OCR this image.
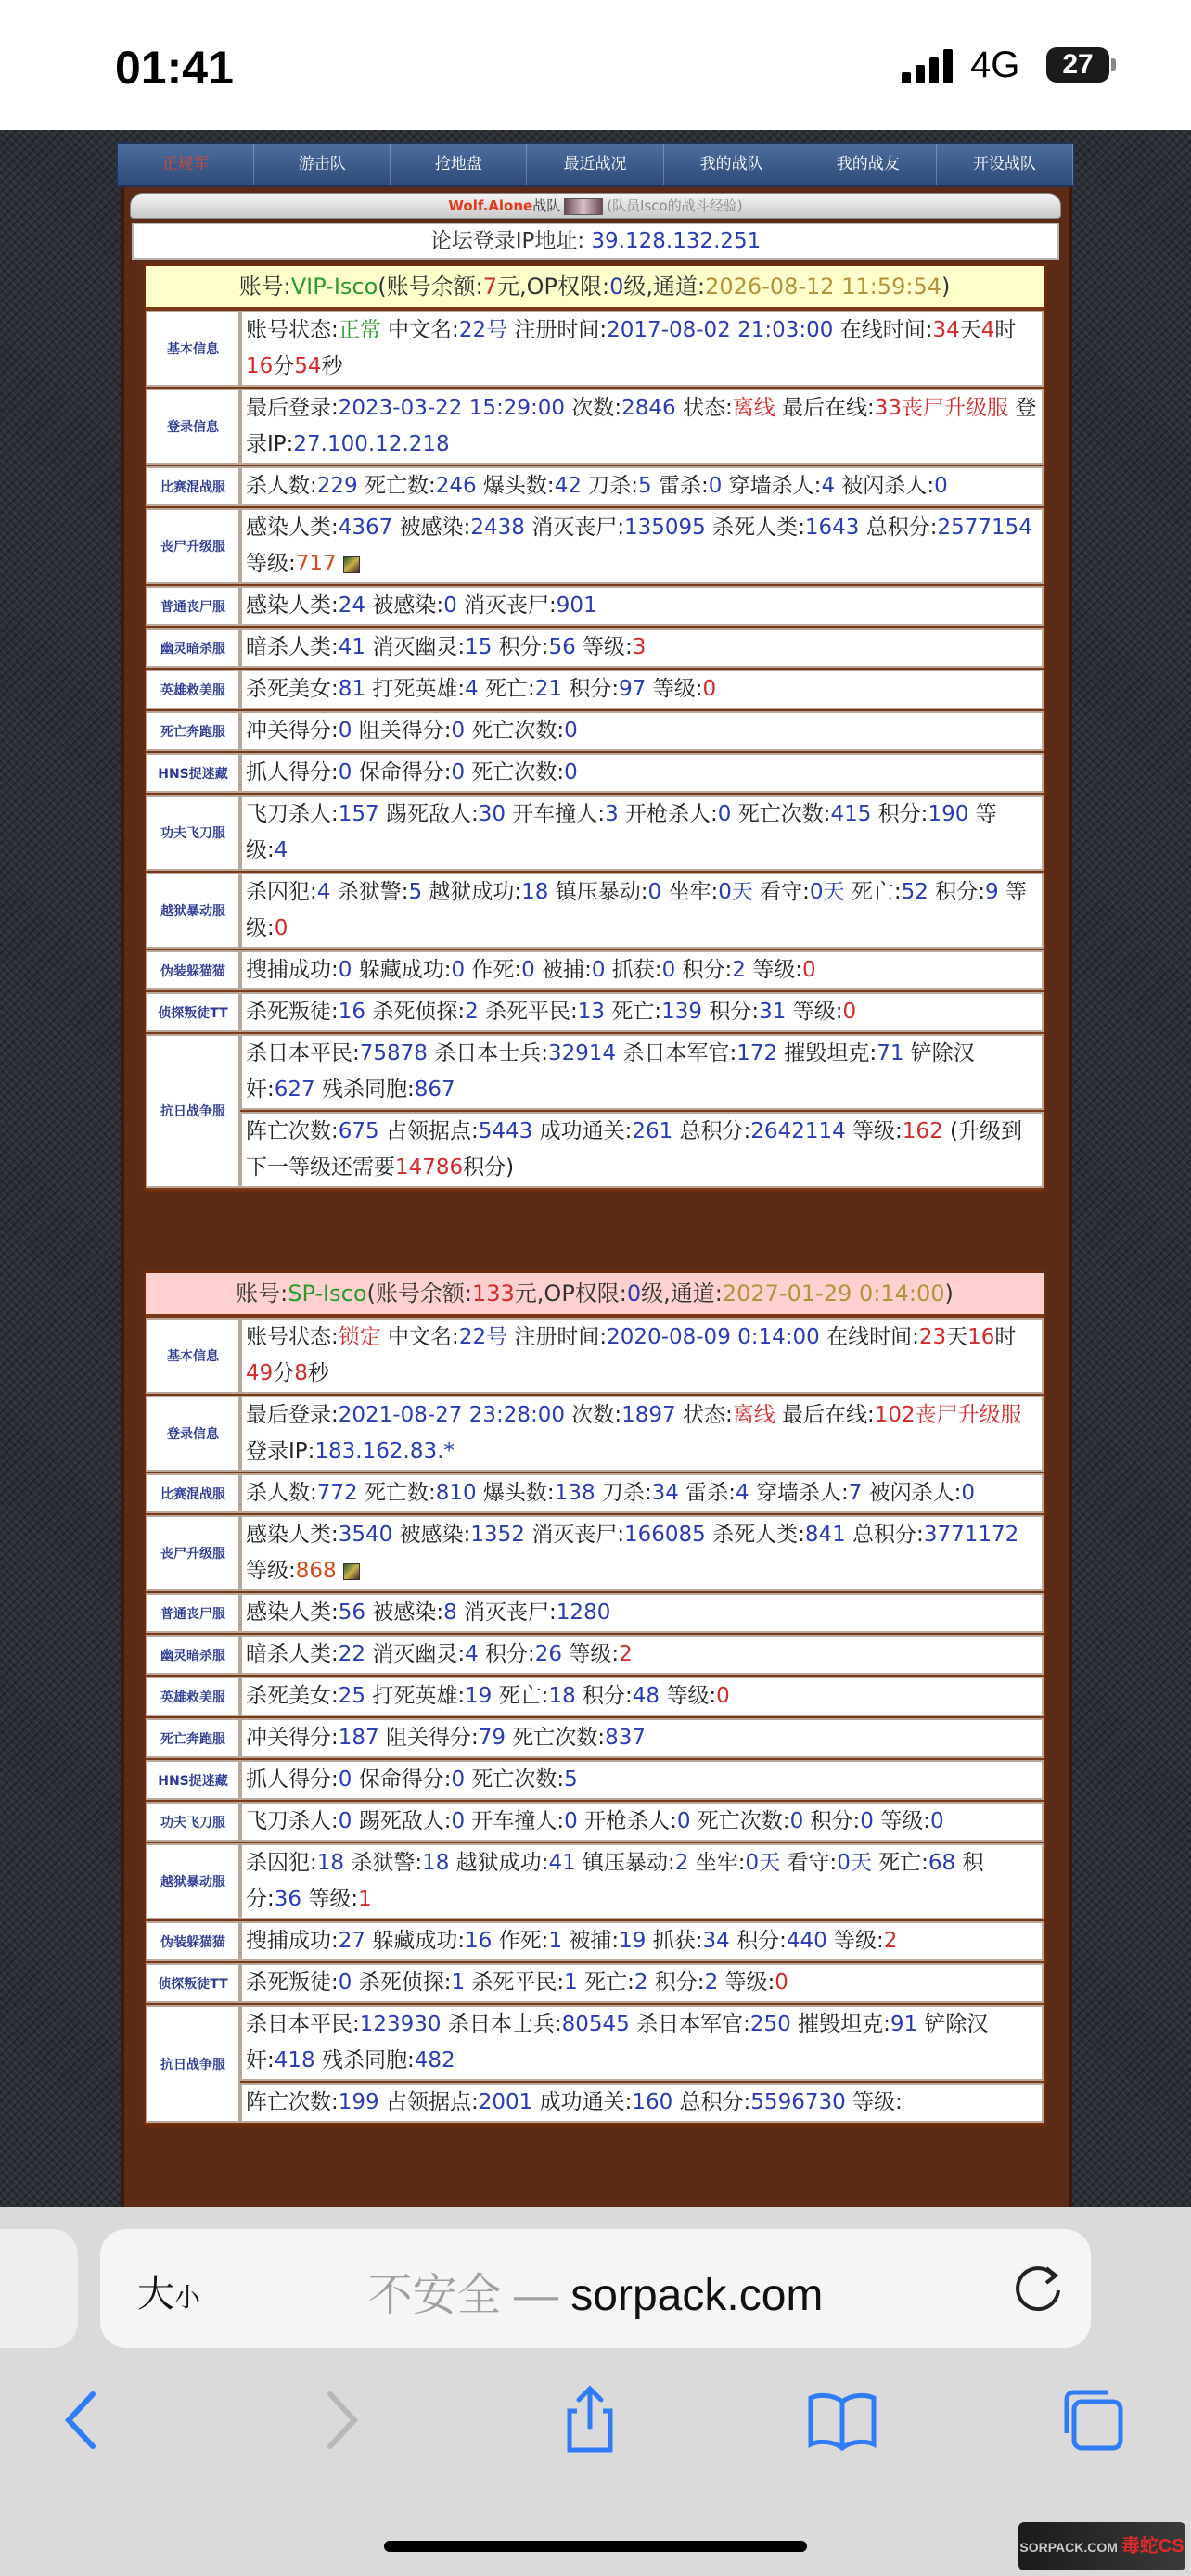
01:41	4G	27
正规军	游击队	抢地盘	最近战况	我的战队	我的战友	开设战队
Wolf.Alone战队	(队员Isco的战斗经验)
论坛登录IP地址: 39.128.132.251
账号:VIP-Isco(账号余额:7元,OP权限:0级,通道:2026-08-12 11:59:54)
基本信息	账号状态:正常 中文名:22号 注册时间:2017-08-02 21:03:00 在线时间:34天4时16分54秒
登录信息	最后登录:2023-03-22 15:29:00 次数:2846 状态:离线 最后在线:33丧尸升级服 登录IP:27.100.12.218
比赛混战服	杀人数:229 死亡数:246 爆头数:42 刀杀:5 雷杀:0 穿墙杀人:4 被闪杀人:0
丧尸升级服	感染人类:4367 被感染:2438 消灭丧尸:135095 杀死人类:1643 总积分:2577154 等级:717
普通丧尸服	感染人类:24 被感染:0 消灭丧尸:901
幽灵暗杀服	暗杀人类:41 消灭幽灵:15 积分:56 等级:3
英雄救美服	杀死美女:81 打死英雄:4 死亡:21 积分:97 等级:0
死亡奔跑服	冲关得分:0 阻关得分:0 死亡次数:0
HNS捉迷藏	抓人得分:0 保命得分:0 死亡次数:0
功夫飞刀服	飞刀杀人:157 踢死敌人:30 开车撞人:3 开枪杀人:0 死亡次数:415 积分:190 等级:4
越狱暴动服	杀囚犯:4 杀狱警:5 越狱成功:18 镇压暴动:0 坐牢:0天 看守:0天 死亡:52 积分:9 等级:0
伪装躲猫猫	搜捕成功:0 躲藏成功:0 作死:0 被捕:0 抓获:0 积分:2 等级:0
侦探叛徒TT	杀死叛徒:16 杀死侦探:2 杀死平民:13 死亡:139 积分:31 等级:0
抗日战争服	杀日本平民:75878 杀日本士兵:32914 杀日本军官:172 摧毁坦克:71 铲除汉奸:627 残杀同胞:867
	阵亡次数:675 占领据点:5443 成功通关:261 总积分:2642114 等级:162 (升级到下一等级还需要14786积分)
账号:SP-Isco(账号余额:133元,OP权限:0级,通道:2027-01-29 0:14:00)
基本信息	账号状态:锁定 中文名:22号 注册时间:2020-08-09 0:14:00 在线时间:23天16时49分8秒
登录信息	最后登录:2021-08-27 23:28:00 次数:1897 状态:离线 最后在线:102丧尸升级服 登录IP:183.162.83.*
比赛混战服	杀人数:772 死亡数:810 爆头数:138 刀杀:34 雷杀:4 穿墙杀人:7 被闪杀人:0
丧尸升级服	感染人类:3540 被感染:1352 消灭丧尸:166085 杀死人类:841 总积分:3771172 等级:868
普通丧尸服	感染人类:56 被感染:8 消灭丧尸:1280
幽灵暗杀服	暗杀人类:22 消灭幽灵:4 积分:26 等级:2
英雄救美服	杀死美女:25 打死英雄:19 死亡:18 积分:48 等级:0
死亡奔跑服	冲关得分:187 阻关得分:79 死亡次数:837
HNS捉迷藏	抓人得分:0 保命得分:0 死亡次数:5
功夫飞刀服	飞刀杀人:0 踢死敌人:0 开车撞人:0 开枪杀人:0 死亡次数:0 积分:0 等级:0
越狱暴动服	杀囚犯:18 杀狱警:18 越狱成功:41 镇压暴动:2 坐牢:0天 看守:0天 死亡:68 积分:36 等级:1
伪装躲猫猫	搜捕成功:27 躲藏成功:16 作死:1 被捕:19 抓获:34 积分:440 等级:2
侦探叛徒TT	杀死叛徒:0 杀死侦探:1 杀死平民:1 死亡:2 积分:2 等级:0
抗日战争服	杀日本平民:123930 杀日本士兵:80545 杀日本军官:250 摧毁坦克:91 铲除汉奸:418 残杀同胞:482
	阵亡次数:199 占领据点:2001 成功通关:160 总积分:5596730 等级:
大小	不安全 — sorpack.com
SORPACK.COM 毒蛇CS
